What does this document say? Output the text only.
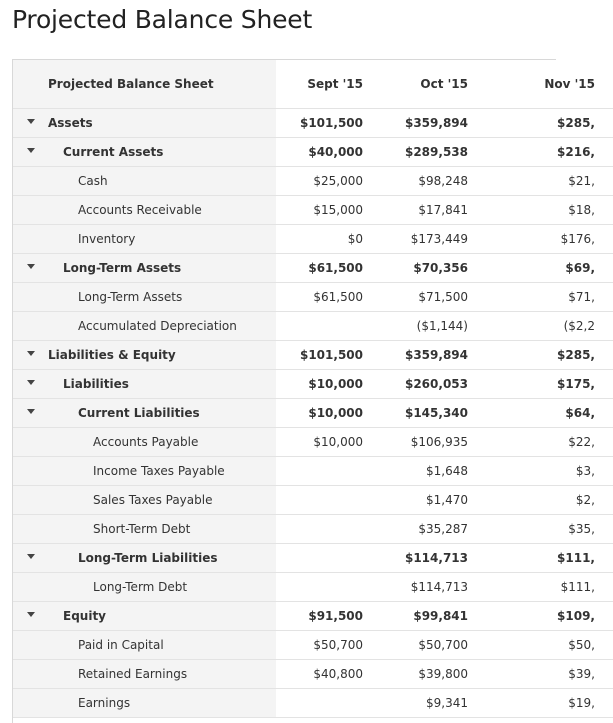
Projected Balance Sheet
Projected Balance Sheet	Sept '15	Oct '15	Nov '15

Assets	$101,500	$359,894	$285,

Current Assets	$40,000	$289,538	$216,

Cash	$25,000	$98,248	$21,

Accounts Receivable	$15,000	$17,841	$18,

Inventory	$0	$173,449	$176,

Long-Term Assets	$61,500	$70,356	$69,

Long-Term Assets	$61,500	$71,500	$71,

Accumulated Depreciation		($1,144)	($2,2

Liabilities & Equity	$101,500	$359,894	$285,

Liabilities	$10,000	$260,053	$175,

Current Liabilities	$10,000	$145,340	$64,

Accounts Payable	$10,000	$106,935	$22,

Income Taxes Payable		$1,648	$3,

Sales Taxes Payable		$1,470	$2,

Short-Term Debt		$35,287	$35,

Long-Term Liabilities		$114,713	$111,

Long-Term Debt		$114,713	$111,

Equity	$91,500	$99,841	$109,

Paid in Capital	$50,700	$50,700	$50,

Retained Earnings	$40,800	$39,800	$39,

Earnings		$9,341	$19,
